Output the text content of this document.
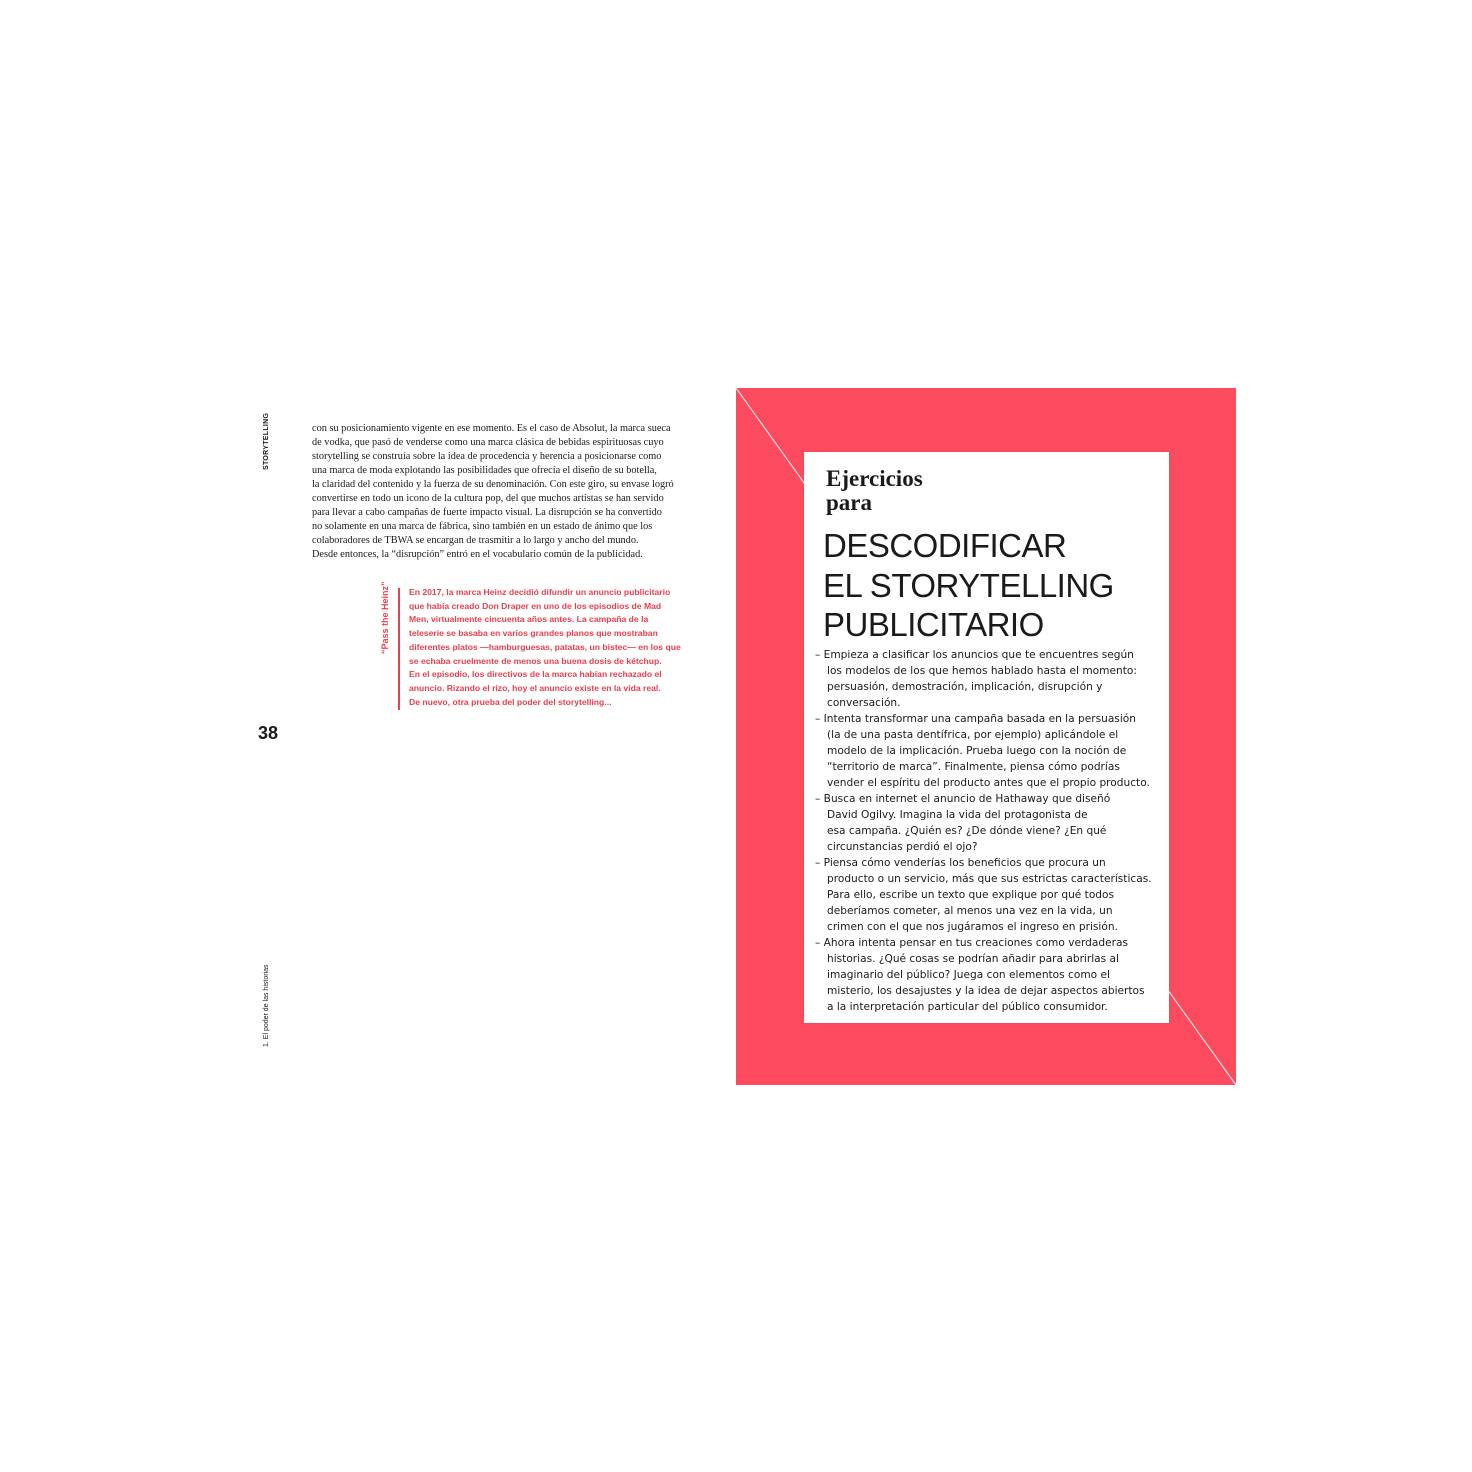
STORYTELLING
1. El poder de las historias
38
con su posicionamiento vigente en ese momento. Es el caso de Absolut, la marca sueca
de vodka, que pasó de venderse como una marca clásica de bebidas espirituosas cuyo
storytelling se construía sobre la idea de procedencia y herencia a posicionarse como
una marca de moda explotando las posibilidades que ofrecía el diseño de su botella,
la claridad del contenido y la fuerza de su denominación. Con este giro, su envase logró
convertirse en todo un icono de la cultura pop, del que muchos artistas se han servido
para llevar a cabo campañas de fuerte impacto visual. La disrupción se ha convertido
no solamente en una marca de fábrica, sino también en un estado de ánimo que los
colaboradores de TBWA se encargan de trasmitir a lo largo y ancho del mundo.
Desde entonces, la “disrupción” entró en el vocabulario común de la publicidad.
“Pass the Heinz” En 2017, la marca Heinz decidió difundir un anuncio publicitario
que había creado Don Draper en uno de los episodios de Mad
Men, virtualmente cincuenta años antes. La campaña de la
teleserie se basaba en varios grandes planos que mostraban
diferentes platos —hamburguesas, patatas, un bistec— en los que
se echaba cruelmente de menos una buena dosis de kétchup.
En el episodio, los directivos de la marca habían rechazado el
anuncio. Rizando el rizo, hoy el anuncio existe en la vida real.
De nuevo, otra prueba del poder del storytelling...
Ejercicios
para
DESCODIFICAR
EL STORYTELLING
PUBLICITARIO
– Empieza a clasificar los anuncios que te encuentres según
los modelos de los que hemos hablado hasta el momento:
persuasión, demostración, implicación, disrupción y
conversación.
– Intenta transformar una campaña basada en la persuasión
(la de una pasta dentífrica, por ejemplo) aplicándole el
modelo de la implicación. Prueba luego con la noción de
“territorio de marca”. Finalmente, piensa cómo podrías
vender el espíritu del producto antes que el propio producto.
– Busca en internet el anuncio de Hathaway que diseñó
David Ogilvy. Imagina la vida del protagonista de
esa campaña. ¿Quién es? ¿De dónde viene? ¿En qué
circunstancias perdió el ojo?
– Piensa cómo venderías los beneficios que procura un
producto o un servicio, más que sus estrictas características.
Para ello, escribe un texto que explique por qué todos
deberíamos cometer, al menos una vez en la vida, un
crimen con el que nos jugáramos el ingreso en prisión.
– Ahora intenta pensar en tus creaciones como verdaderas
historias. ¿Qué cosas se podrían añadir para abrirlas al
imaginario del público? Juega con elementos como el
misterio, los desajustes y la idea de dejar aspectos abiertos
a la interpretación particular del público consumidor.
